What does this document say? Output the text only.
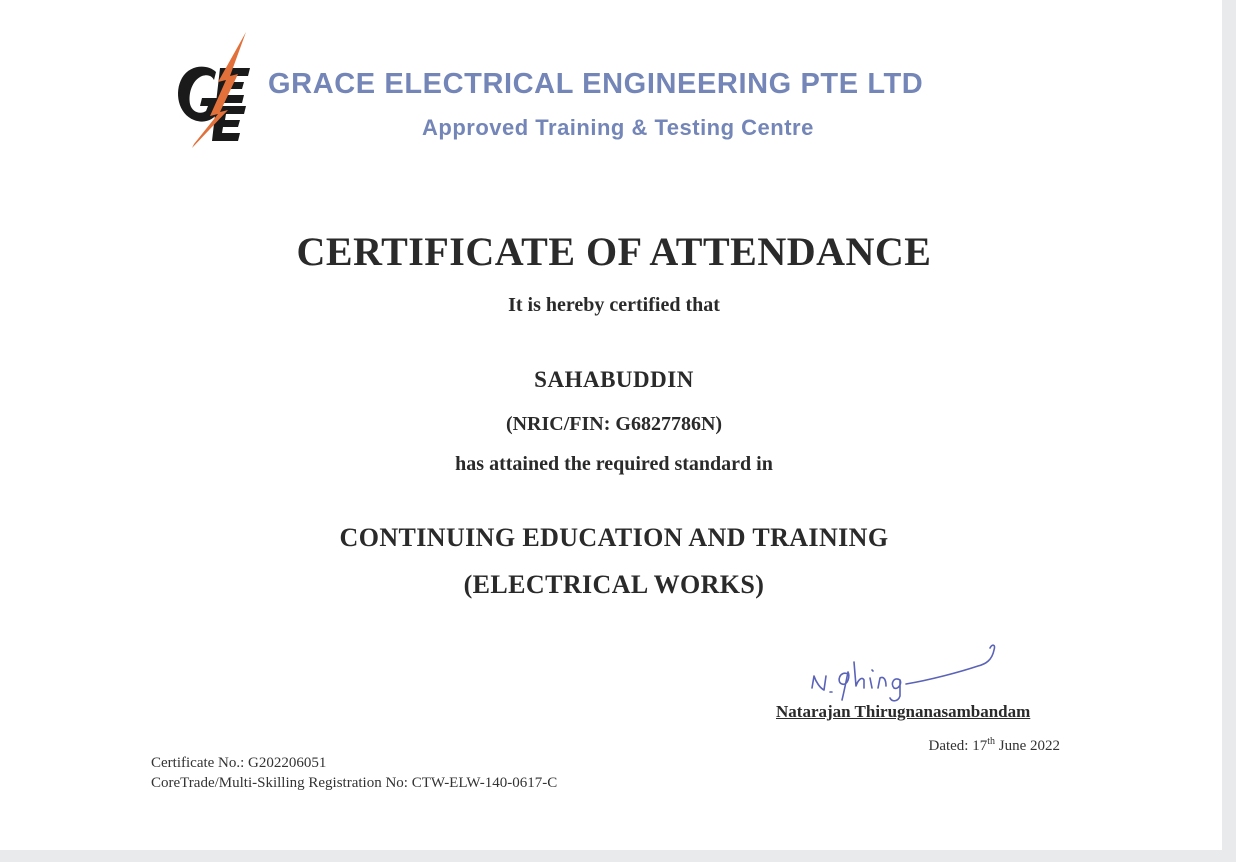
GRACE ELECTRICAL ENGINEERING PTE LTD
Approved Training & Testing Centre
CERTIFICATE OF ATTENDANCE
It is hereby certified that
SAHABUDDIN
(NRIC/FIN: G6827786N)
has attained the required standard in
CONTINUING EDUCATION AND TRAINING
(ELECTRICAL WORKS)
Natarajan Thirugnanasambandam
Dated: 17th June 2022
Certificate No.: G202206051
CoreTrade/Multi-Skilling Registration No: CTW-ELW-140-0617-C
